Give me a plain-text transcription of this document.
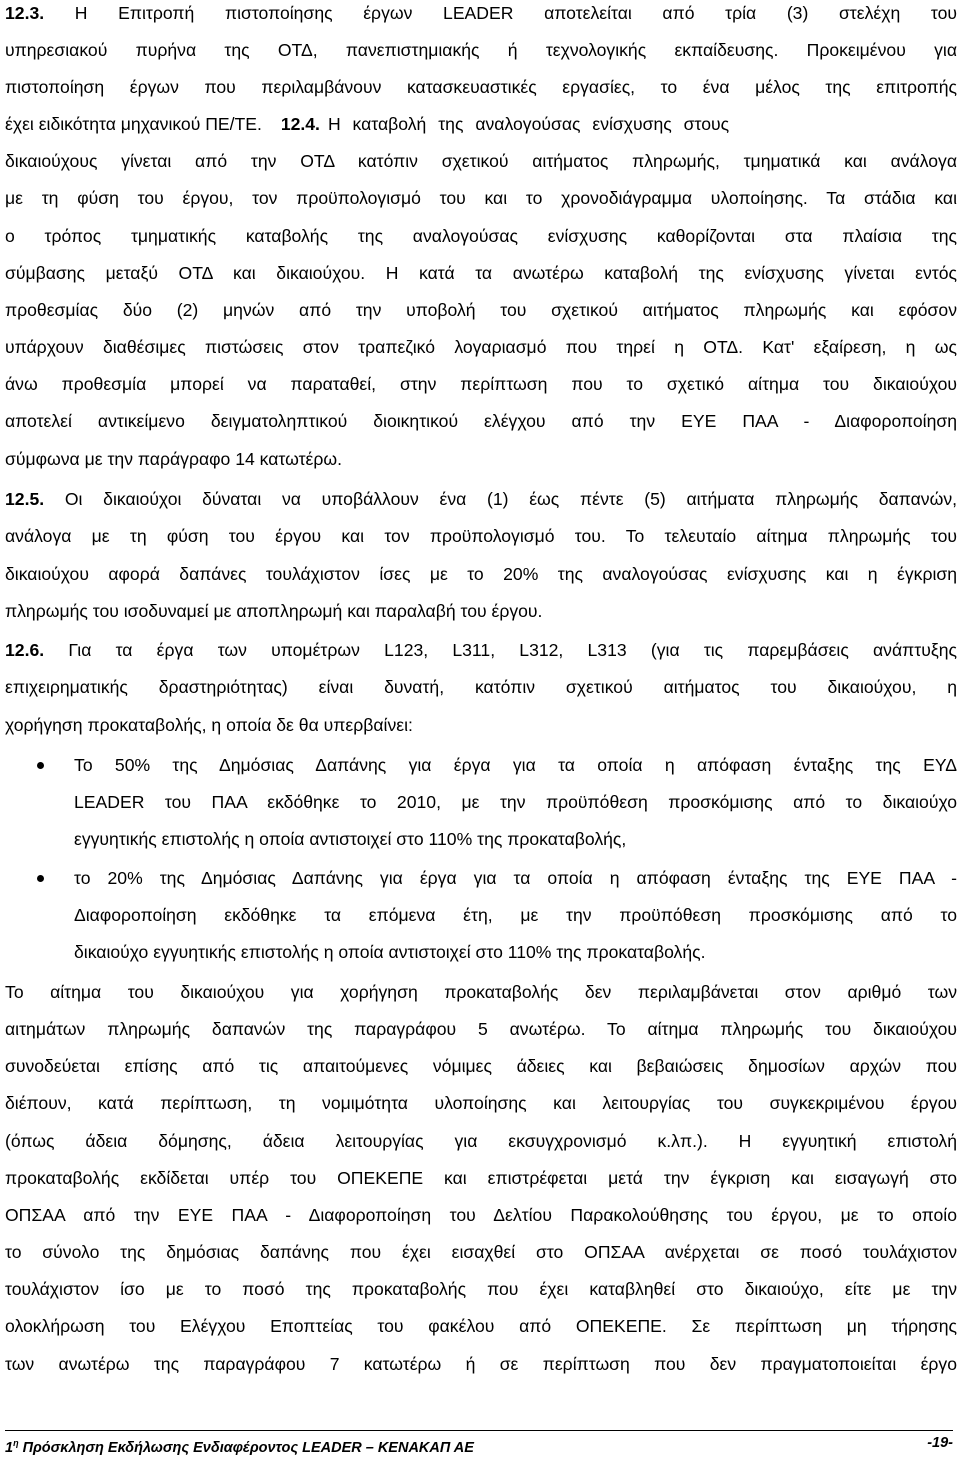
12.3. Η Επιτροπή πιστοποίησης έργων LEADER αποτελείται από τρία (3) στελέχη του
υπηρεσιακού πυρήνα της ΟΤΔ, πανεπιστημιακής ή τεχνολογικής εκπαίδευσης. Προκειμένου για
πιστοποίηση έργων που περιλαμβάνουν κατασκευαστικές εργασίες, το ένα μέλος της επιτροπής
έχει ειδικότητα μηχανικού ΠΕ/ΤΕ. 12.4. Η καταβολή της αναλογούσας ενίσχυσης στους
δικαιούχους γίνεται από την ΟΤΔ κατόπιν σχετικού αιτήματος πληρωμής, τμηματικά και ανάλογα
με τη φύση του έργου, τον προϋπολογισμό του και το χρονοδιάγραμμα υλοποίησης. Τα στάδια και
ο τρόπος τμηματικής καταβολής της αναλογούσας ενίσχυσης καθορίζονται στα πλαίσια της
σύμβασης μεταξύ ΟΤΔ και δικαιούχου. Η κατά τα ανωτέρω καταβολή της ενίσχυσης γίνεται εντός
προθεσμίας δύο (2) μηνών από την υποβολή του σχετικού αιτήματος πληρωμής και εφόσον
υπάρχουν διαθέσιμες πιστώσεις στον τραπεζικό λογαριασμό που τηρεί η ΟΤΔ. Κατ' εξαίρεση, η ως
άνω προθεσμία μπορεί να παραταθεί, στην περίπτωση που το σχετικό αίτημα του δικαιούχου
αποτελεί αντικείμενο δειγματοληπτικού διοικητικού ελέγχου από την ΕΥΕ ΠΑΑ - Διαφοροποίηση
σύμφωνα με την παράγραφο 14 κατωτέρω.
12.5. Οι δικαιούχοι δύναται να υποβάλλουν ένα (1) έως πέντε (5) αιτήματα πληρωμής δαπανών,
ανάλογα με τη φύση του έργου και τον προϋπολογισμό του. Το τελευταίο αίτημα πληρωμής του
δικαιούχου αφορά δαπάνες τουλάχιστον ίσες με το 20% της αναλογούσας ενίσχυσης και η έγκριση
πληρωμής του ισοδυναμεί με αποπληρωμή και παραλαβή του έργου.
12.6. Για τα έργα των υπομέτρων L123, L311, L312, L313 (για τις παρεμβάσεις ανάπτυξης
επιχειρηματικής δραστηριότητας) είναι δυνατή, κατόπιν σχετικού αιτήματος του δικαιούχου, η
χορήγηση προκαταβολής, η οποία δε θα υπερβαίνει:
Το 50% της Δημόσιας Δαπάνης για έργα για τα οποία η απόφαση ένταξης της ΕΥΔ
LEADER του ΠΑΑ εκδόθηκε το 2010, με την προϋπόθεση προσκόμισης από το δικαιούχο
εγγυητικής επιστολής η οποία αντιστοιχεί στο 110% της προκαταβολής,
το 20% της Δημόσιας Δαπάνης για έργα για τα οποία η απόφαση ένταξης της ΕΥΕ ΠΑΑ -
Διαφοροποίηση εκδόθηκε τα επόμενα έτη, με την προϋπόθεση προσκόμισης από το
δικαιούχο εγγυητικής επιστολής η οποία αντιστοιχεί στο 110% της προκαταβολής.
Το αίτημα του δικαιούχου για χορήγηση προκαταβολής δεν περιλαμβάνεται στον αριθμό των
αιτημάτων πληρωμής δαπανών της παραγράφου 5 ανωτέρω. Το αίτημα πληρωμής του δικαιούχου
συνοδεύεται επίσης από τις απαιτούμενες νόμιμες άδειες και βεβαιώσεις δημοσίων αρχών που
διέπουν, κατά περίπτωση, τη νομιμότητα υλοποίησης και λειτουργίας του συγκεκριμένου έργου
(όπως άδεια δόμησης, άδεια λειτουργίας για εκσυγχρονισμό κ.λπ.). Η εγγυητική επιστολή
προκαταβολής εκδίδεται υπέρ του ΟΠΕΚΕΠΕ και επιστρέφεται μετά την έγκριση και εισαγωγή στο
ΟΠΣΑΑ από την ΕΥΕ ΠΑΑ - Διαφοροποίηση του Δελτίου Παρακολούθησης του έργου, με το οποίο
το σύνολο της δημόσιας δαπάνης που έχει εισαχθεί στο ΟΠΣΑΑ ανέρχεται σε ποσό τουλάχιστον
τουλάχιστον ίσο με το ποσό της προκαταβολής που έχει καταβληθεί στο δικαιούχο, είτε με την
ολοκλήρωση του Ελέγχου Εποπτείας του φακέλου από ΟΠΕΚΕΠΕ. Σε περίπτωση μη τήρησης
των ανωτέρω της παραγράφου 7 κατωτέρω ή σε περίπτωση που δεν πραγματοποιείται έργο
$1^\eta$ Πρόσκληση Εκδήλωσης Ενδιαφέροντος LEADER – ΚΕΝΑΚΑΠ ΑΕ	-19-
